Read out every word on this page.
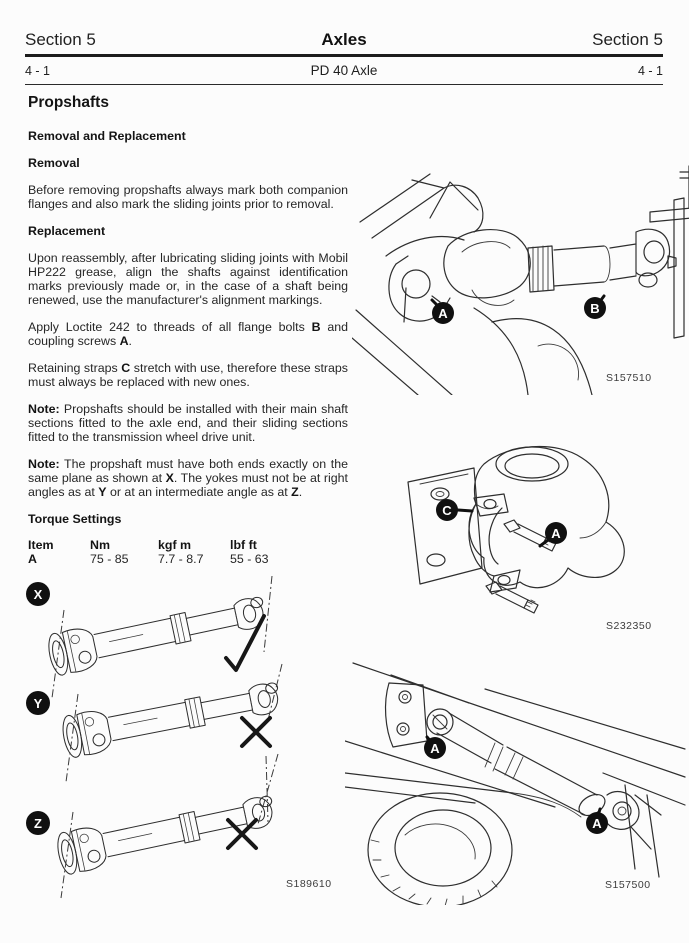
Section 5	Axles	Section 5
4 - 1	PD 40 Axle	4 - 1
Propshafts
Removal and Replacement
Removal

Before removing propshafts always mark both companion flanges and also mark the sliding joints prior to removal.

Replacement

Upon reassembly, after lubricating sliding joints with Mobil HP222 grease, align the shafts against identification marks previously made or, in the case of a shaft being renewed, use the manufacturer's alignment markings.

Apply Loctite 242 to threads of all flange bolts B and coupling screws A.

Retaining straps C stretch with use, therefore these straps must always be replaced with new ones.

Note: Propshafts should be installed with their main shaft sections fitted to the axle end, and their sliding sections fitted to the transmission wheel drive unit.

Note: The propshaft must have both ends exactly on the same plane as shown at X. The yokes must not be at right angles as at Y or at an intermediate angle as at Z.

Torque Settings
Item	Nm	kgf m	lbf ft
A	75 - 85	7.7 - 8.7	55 - 63
A	B
S157510
C
A
S232350
X
Y
Z
S189610
A
A
S157500
